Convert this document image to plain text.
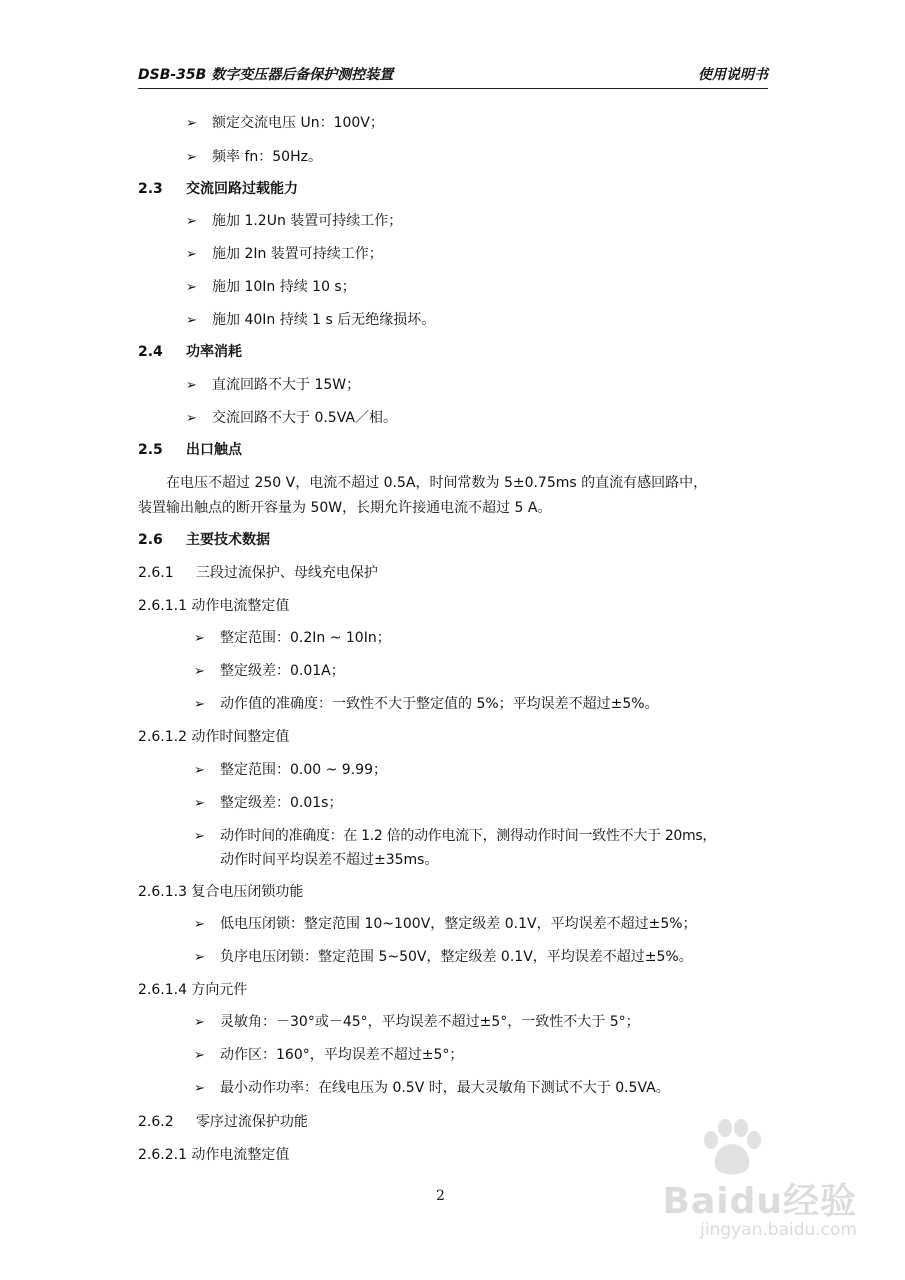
DSB-35B 数字变压器后备保护测控装置	使用说明书
➢ 额定交流电压 Un：100V；
➢ 频率 fn：50Hz。
2.3 交流回路过载能力
➢ 施加 1.2Un 装置可持续工作；
➢ 施加 2In 装置可持续工作；
➢ 施加 10In 持续 10 s；
➢ 施加 40In 持续 1 s 后无绝缘损坏。
2.4 功率消耗
➢ 直流回路不大于 15W；
➢ 交流回路不大于 0.5VA／相。
2.5 出口触点
在电压不超过 250 V，电流不超过 0.5A，时间常数为 5±0.75ms 的直流有感回路中，
装置输出触点的断开容量为 50W，长期允许接通电流不超过 5 A。
2.6 主要技术数据
2.6.1     三段过流保护、母线充电保护
2.6.1.1 动作电流整定值
➢ 整定范围：0.2In ~ 10In；
➢ 整定级差：0.01A；
➢ 动作值的准确度：一致性不大于整定值的 5%；平均误差不超过±5%。
2.6.1.2 动作时间整定值
➢ 整定范围：0.00 ~ 9.99；
➢ 整定级差：0.01s；
➢ 动作时间的准确度：在 1.2 倍的动作电流下，测得动作时间一致性不大于 20ms，
动作时间平均误差不超过±35ms。
2.6.1.3 复合电压闭锁功能
➢ 低电压闭锁：整定范围 10~100V，整定级差 0.1V，平均误差不超过±5%；
➢ 负序电压闭锁：整定范围 5~50V，整定级差 0.1V，平均误差不超过±5%。
2.6.1.4 方向元件
➢ 灵敏角：－30°或－45°，平均误差不超过±5°，一致性不大于 5°；
➢ 动作区：160°，平均误差不超过±5°；
➢ 最小动作功率：在线电压为 0.5V 时，最大灵敏角下测试不大于 0.5VA。
2.6.2     零序过流保护功能
2.6.2.1 动作电流整定值
2	Baidu经验
jingyan.baidu.com
